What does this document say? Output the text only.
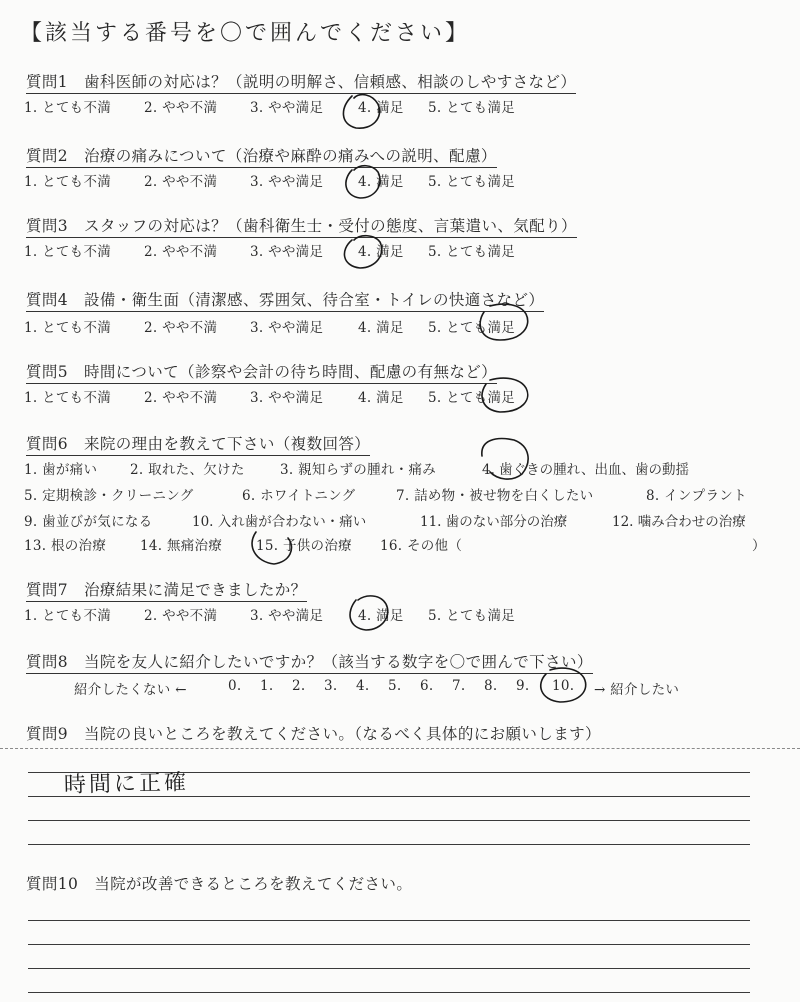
【該当する番号を〇で囲んでください】
質問1　歯科医師の対応は？（説明の明解さ、信頼感、相談のしやすさなど）
1. とても不満 2. やや不満 3. やや満足	4. 満足 5. とても満足
質問2　治療の痛みについて（治療や麻酔の痛みへの説明、配慮）
1. とても不満 2. やや不満 3. やや満足	4. 満足 5. とても満足
質問3　スタッフの対応は？（歯科衛生士・受付の態度、言葉遣い、気配り）
1. とても不満 2. やや不満 3. やや満足	4. 満足 5. とても満足
質問4　設備・衛生面（清潔感、雰囲気、待合室・トイレの快適さなど）
1. とても不満 2. やや不満 3. やや満足	4. 満足 5. とても満足
質問5　時間について（診察や会計の待ち時間、配慮の有無など）
1. とても不満 2. やや不満 3. やや満足	4. 満足 5. とても満足
質問6　来院の理由を教えて下さい（複数回答）
1. 歯が痛い 2. 取れた、欠けた	3. 親知らずの腫れ・痛み	4. 歯ぐきの腫れ、出血、歯の動揺
5. 定期検診・クリーニング	6. ホワイトニング	7. 詰め物・被せ物を白くしたい	8. インプラント
9. 歯並びが気になる	10. 入れ歯が合わない・痛い	11. 歯のない部分の治療	12. 噛み合わせの治療
13. 根の治療	14. 無痛治療	15. 子供の治療 16. その他（	）
質問7　治療結果に満足できましたか？
1. とても不満 2. やや不満 3. やや満足	4. 満足 5. とても満足
質問8　当院を友人に紹介したいですか？（該当する数字を〇で囲んで下さい）
紹介したくない ←	0. 1. 2. 3. 4. 5. 6. 7. 8. 9. 10. → 紹介したい
質問9　当院の良いところを教えてください。（なるべく具体的にお願いします）
時間に正確
質問10　当院が改善できるところを教えてください。
